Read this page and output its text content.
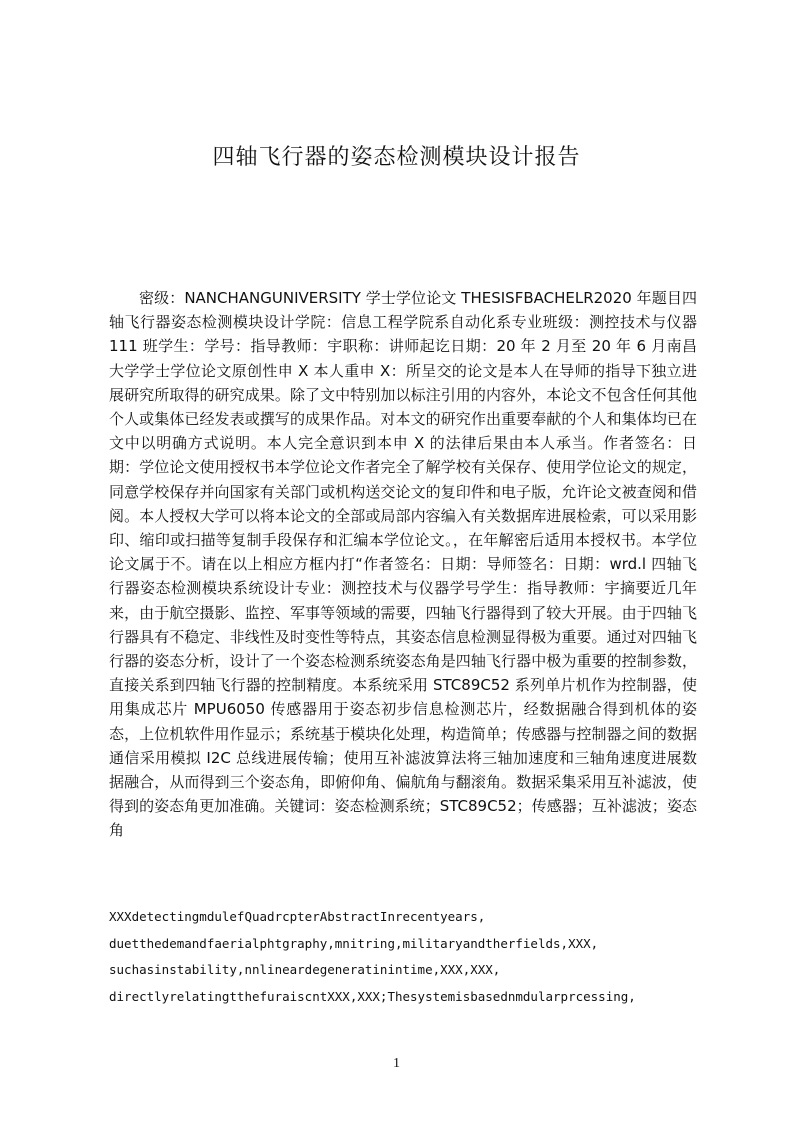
四轴飞行器的姿态检测模块设计报告

密级：NANCHANGUNIVERSITY 学士学位论文 THESISFBACHELR2020 年题目四轴飞行器姿态检测模块设计学院：信息工程学院系自动化系专业班级：测控技术与仪器 111 班学生：学号：指导教师：宇职称：讲师起讫日期：20 年 2 月至 20 年 6 月南昌大学学士学位论文原创性申 X 本人重申 X：所呈交的论文是本人在导师的指导下独立进展研究所取得的研究成果。除了文中特别加以标注引用的内容外，本论文不包含任何其他个人或集体已经发表或撰写的成果作品。对本文的研究作出重要奉献的个人和集体均已在文中以明确方式说明。本人完全意识到本申 X 的法律后果由本人承当。作者签名：日期：学位论文使用授权书本学位论文作者完全了解学校有关保存、使用学位论文的规定，同意学校保存并向国家有关部门或机构送交论文的复印件和电子版，允许论文被查阅和借阅。本人授权大学可以将本论文的全部或局部内容编入有关数据库进展检索，可以采用影印、缩印或扫描等复制手段保存和汇编本学位论文。，在年解密后适用本授权书。本学位论文属于不。请在以上相应方框内打“作者签名：日期：导师签名：日期：wrd.l 四轴飞行器姿态检测模块系统设计专业：测控技术与仪器学号学生：指导教师：宇摘要近几年来，由于航空摄影、监控、军事等领域的需要，四轴飞行器得到了较大开展。由于四轴飞行器具有不稳定、非线性及时变性等特点，其姿态信息检测显得极为重要。通过对四轴飞行器的姿态分析，设计了一个姿态检测系统姿态角是四轴飞行器中极为重要的控制参数，直接关系到四轴飞行器的控制精度。本系统采用 STC89C52 系列单片机作为控制器，使用集成芯片 MPU6050 传感器用于姿态初步信息检测芯片，经数据融合得到机体的姿态，上位机软件用作显示；系统基于模块化处理，构造简单；传感器与控制器之间的数据通信采用模拟 I2C 总线进展传输；使用互补滤波算法将三轴加速度和三轴角速度进展数据融合，从而得到三个姿态角，即俯仰角、偏航角与翻滚角。数据采集采用互补滤波，使得到的姿态角更加准确。关键词：姿态检测系统；STC89C52；传感器；互补滤波；姿态角

XXXdetectingmdulefQuadrcpterAbstractInrecentyears,
duetthedemandfaerialphtgraphy,mnitring,militaryandtherfields,XXX,
suchasinstability,nnlineardegeneratinintime,XXX,XXX,
directlyrelatingtthefuraiscntXXX,XXX;Thesystemisbasednmdularprcessing,
1
